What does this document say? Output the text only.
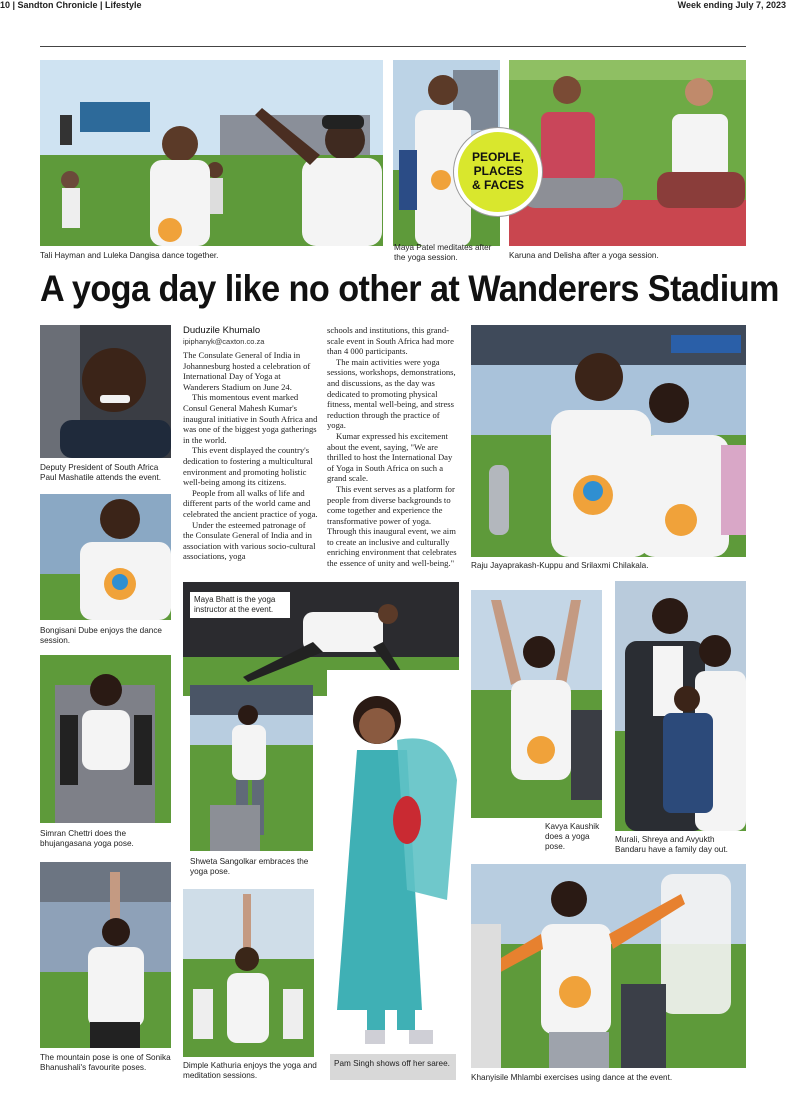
10 | Sandton Chronicle | Lifestyle	Week ending July 7, 2023
Tali Hayman and Luleka Dangisa dance together.
Maya Patel meditates after the yoga session.	Karuna and Delisha after a yoga session.
PEOPLE,
PLACES
& FACES
A yoga day like no other at Wanderers Stadium
Deputy President of South Africa Paul Mashatile attends the event.
Bongisani Dube enjoys the dance session.
Simran Chettri does the bhujangasana yoga pose.
The mountain pose is one of Sonika Bhanushali's favourite poses.
Duduzile Khumalo
ipiphanyk@caxton.co.za

The Consulate General of India in Johannesburg hosted a celebration of International Day of Yoga at Wanderers Stadium on June 24.

This momentous event marked Consul General Mahesh Kumar's inaugural initiative in South Africa and was one of the biggest yoga gatherings in the world.

This event displayed the country's dedication to fostering a multicultural environment and promoting holistic well-being among its citizens.

People from all walks of life and different parts of the world came and celebrated the ancient practice of yoga.

Under the esteemed patronage of the Consulate General of India and in association with various socio-cultural associations, yoga

schools and institutions, this grand-scale event in South Africa had more than 4 000 participants.

The main activities were yoga sessions, workshops, demonstrations, and discussions, as the day was dedicated to promoting physical fitness, mental well-being, and stress reduction through the practice of yoga.

Kumar expressed his excitement about the event, saying, "We are thrilled to host the International Day of Yoga in South Africa on such a grand scale.

This event serves as a platform for people from diverse backgrounds to come together and experience the transformative power of yoga. Through this inaugural event, we aim to create an inclusive and culturally enriching environment that celebrates the essence of unity and well-being."	Raju Jayaprakash-Kuppu and Srilaxmi Chilakala.
Maya Bhatt is the yoga instructor at the event.
Shweta Sangolkar embraces the yoga pose.
Dimple Kathuria enjoys the yoga and meditation sessions.
Pam Singh shows off her saree.
Kavya Kaushik does a yoga pose.
Murali, Shreya and Avyukth Bandaru have a family day out.
Khanyisile Mhlambi exercises using dance at the event.
